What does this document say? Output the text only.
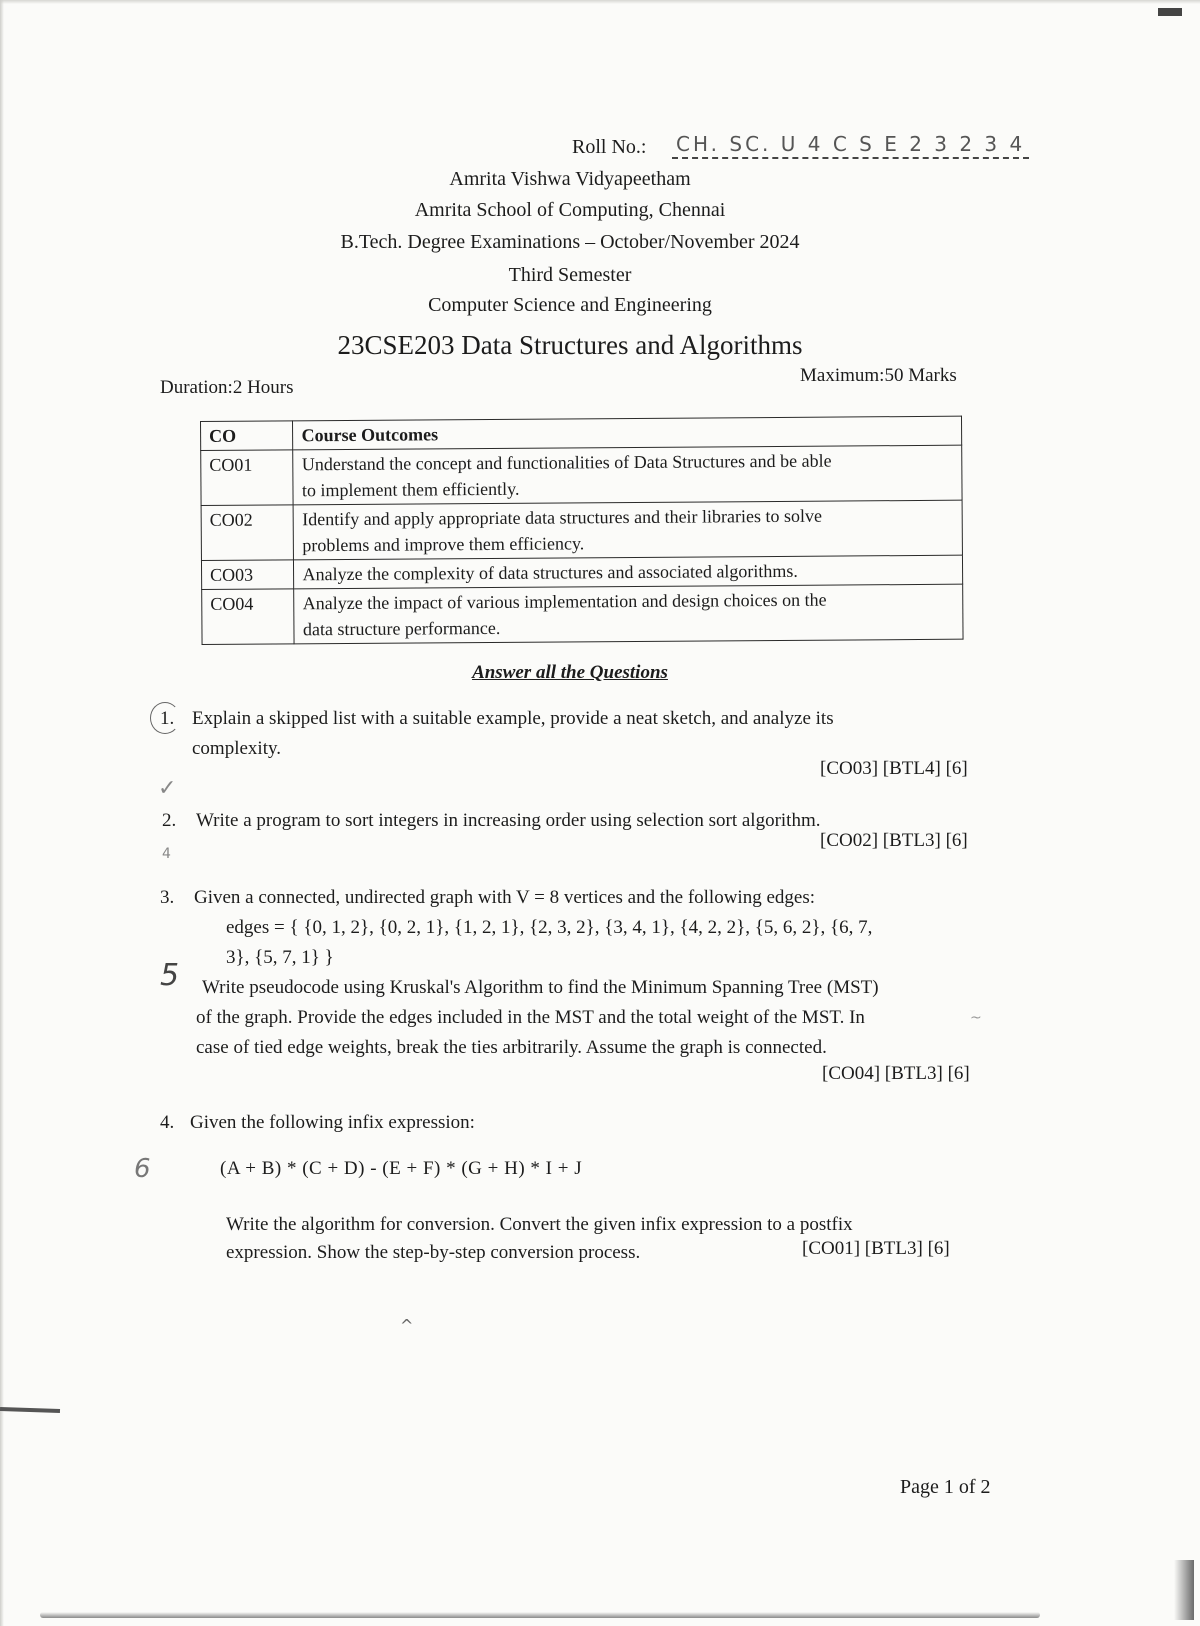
Roll No.: CH. SC. U 4 C S E 2 3 2 3 4
Amrita Vishwa Vidyapeetham
Amrita School of Computing, Chennai
B.Tech. Degree Examinations – October/November 2024
Third Semester
Computer Science and Engineering
23CSE203 Data Structures and Algorithms
Duration:2 Hours
Maximum:50 Marks
CO	Course Outcomes
CO01	Understand the concept and functionalities of Data Structures and be able
to implement them efficiently.

CO02	Identify and apply appropriate data structures and their libraries to solve
problems and improve them efficiency.

CO03	Analyze the complexity of data structures and associated algorithms.

CO04	Analyze the impact of various implementation and design choices on the
data structure performance.
Answer all the Questions
1. Explain a skipped list with a suitable example, provide a neat sketch, and analyze its
complexity.
[CO03] [BTL4] [6]
✓
2. Write a program to sort integers in increasing order using selection sort algorithm.
[CO02] [BTL3] [6]
4
3. Given a connected, undirected graph with V = 8 vertices and the following edges:
edges = { {0, 1, 2}, {0, 2, 1}, {1, 2, 1}, {2, 3, 2}, {3, 4, 1}, {4, 2, 2}, {5, 6, 2}, {6, 7,
3}, {5, 7, 1} }
5 Write pseudocode using Kruskal's Algorithm to find the Minimum Spanning Tree (MST)
of the graph. Provide the edges included in the MST and the total weight of the MST. In
case of tied edge weights, break the ties arbitrarily. Assume the graph is connected.
~
[CO04] [BTL3] [6]
4. Given the following infix expression:
6	(A + B) * (C + D) - (E + F) * (G + H) * I + J
Write the algorithm for conversion. Convert the given infix expression to a postfix
expression. Show the step-by-step conversion process.	[CO01] [BTL3] [6]
^
Page 1 of 2
